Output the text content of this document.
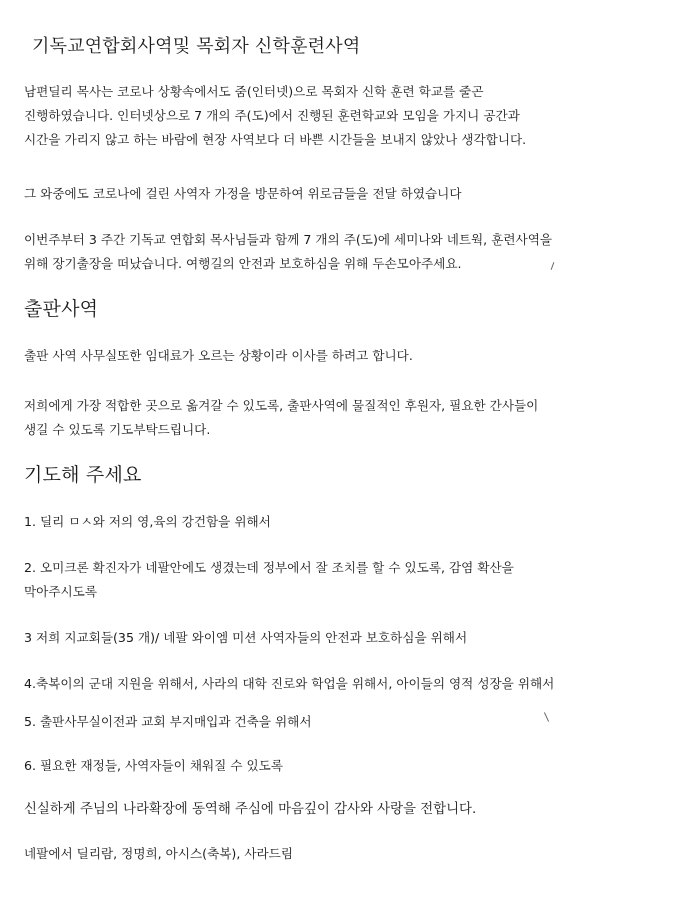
기독교연합회사역및 목회자 신학훈련사역

남편딜리 목사는 코로나 상황속에서도 줌(인터넷)으로 목회자 신학 훈련 학교를 줄곤
진행하였습니다. 인터넷상으로 7 개의 주(도)에서 진행된 훈련학교와 모임을 가지니 공간과
시간을 가리지 않고 하는 바람에 현장 사역보다 더 바쁜 시간들을 보내지 않았나 생각합니다.

그 와중에도 코로나에 걸린 사역자 가정을 방문하여 위로금들을 전달 하였습니다

이번주부터 3 주간 기독교 연합회 목사님들과 함께 7 개의 주(도)에 세미나와 네트웍, 훈련사역을
위해 장기출장을 떠났습니다. 여행길의 안전과 보호하심을 위해 두손모아주세요.

출판사역

출판 사역 사무실또한 임대료가 오르는 상황이라 이사를 하려고 합니다.

저희에게 가장 적합한 곳으로 옮겨갈 수 있도록, 출판사역에 물질적인 후원자, 필요한 간사들이
생길 수 있도록 기도부탁드립니다.

기도해 주세요

1. 딜리 ㅁㅅ와 저의 영,육의 강건함을 위해서

2. 오미크론 확진자가 네팔안에도 생겼는데 정부에서 잘 조치를 할 수 있도록, 감염 확산을
막아주시도록

3 저희 지교회들(35 개)/ 네팔 와이엠 미션 사역자들의 안전과 보호하심을 위해서

4.축복이의 군대 지원을 위해서, 사라의 대학 진로와 학업을 위해서, 아이들의 영적 성장을 위해서

5. 출판사무실이전과 교회 부지매입과 건축을 위해서

6. 필요한 재정들, 사역자들이 채워질 수 있도록

신실하게 주님의 나라확장에 동역해 주심에 마음깊이 감사와 사랑을 전합니다.

네팔에서 딜리람, 정명희, 아시스(축복), 사라드림
